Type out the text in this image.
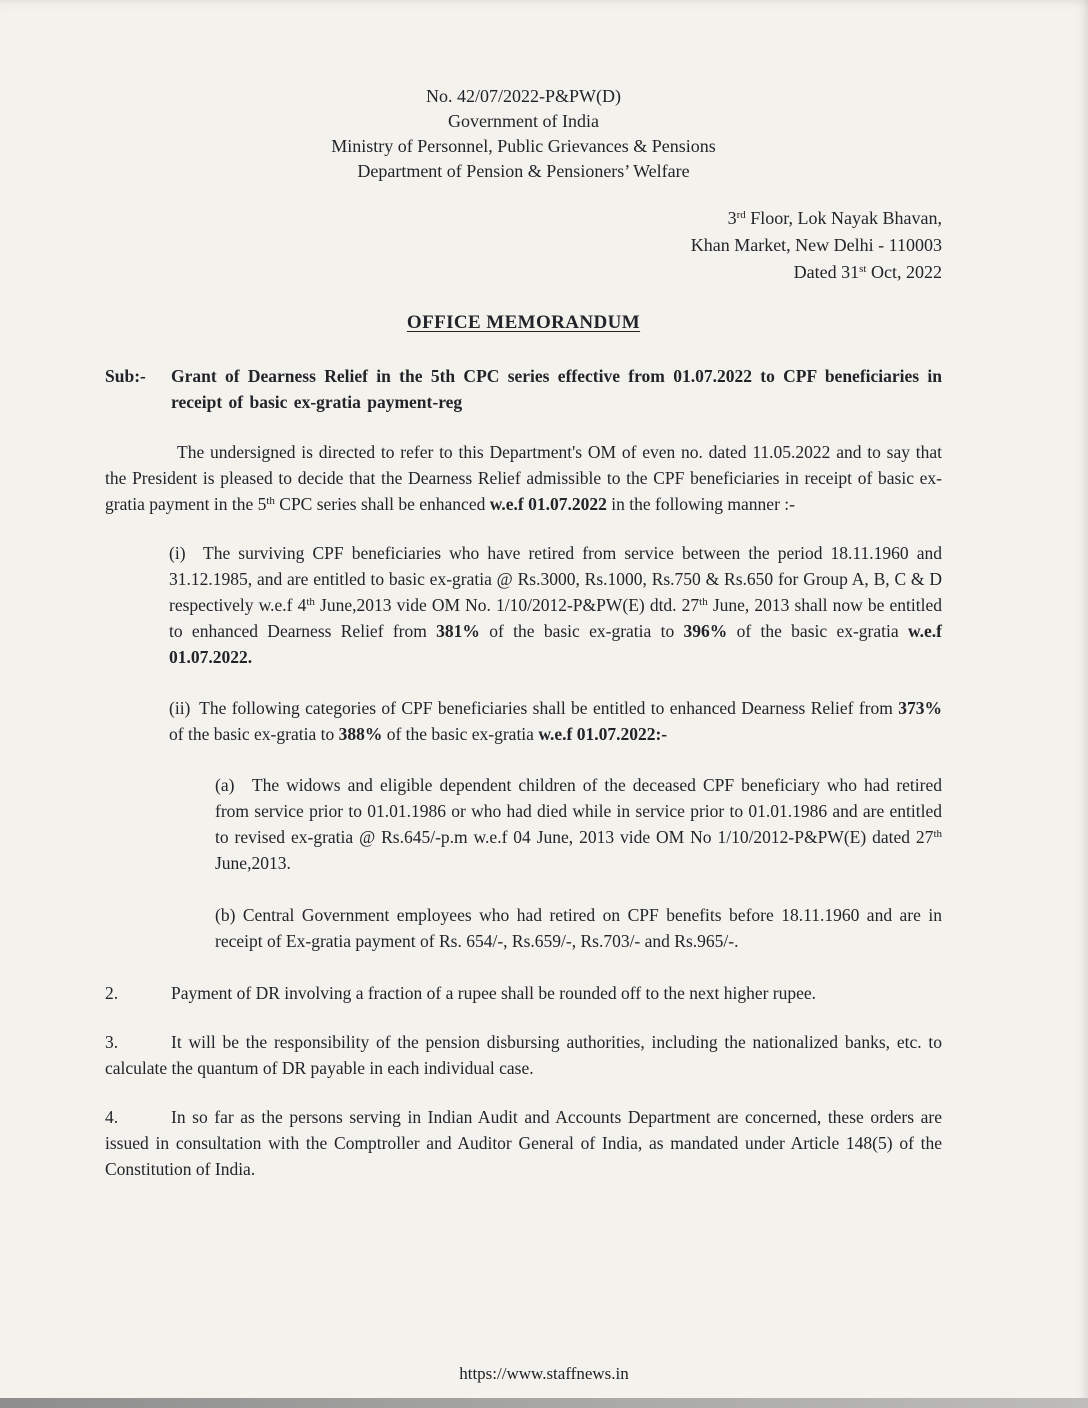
No. 42/07/2022-P&PW(D)
Government of India
Ministry of Personnel, Public Grievances & Pensions
Department of Pension & Pensioners’ Welfare
3rd Floor, Lok Nayak Bhavan,
Khan Market, New Delhi - 110003
Dated 31st Oct, 2022
OFFICE MEMORANDUM
Sub:-	Grant of Dearness Relief in the 5th CPC series effective from 01.07.2022 to CPF beneficiaries in receipt of basic ex-gratia payment-reg

The undersigned is directed to refer to this Department's OM of even no. dated 11.05.2022 and to say that the President is pleased to decide that the Dearness Relief admissible to the CPF beneficiaries in receipt of basic ex-gratia payment in the 5th CPC series shall be enhanced w.e.f 01.07.2022 in the following manner :-

(i) The surviving CPF beneficiaries who have retired from service between the period 18.11.1960 and 31.12.1985, and are entitled to basic ex-gratia @ Rs.3000, Rs.1000, Rs.750 & Rs.650 for Group A, B, C & D respectively w.e.f 4th June,2013 vide OM No. 1/10/2012-P&PW(E) dtd. 27th June, 2013 shall now be entitled to enhanced Dearness Relief from 381% of the basic ex-gratia to 396% of the basic ex-gratia w.e.f 01.07.2022.

(ii) The following categories of CPF beneficiaries shall be entitled to enhanced Dearness Relief from 373% of the basic ex-gratia to 388% of the basic ex-gratia w.e.f 01.07.2022:-

(a) The widows and eligible dependent children of the deceased CPF beneficiary who had retired from service prior to 01.01.1986 or who had died while in service prior to 01.01.1986 and are entitled to revised ex-gratia @ Rs.645/-p.m w.e.f 04 June, 2013 vide OM No 1/10/2012-P&PW(E) dated 27th June,2013.

(b) Central Government employees who had retired on CPF benefits before 18.11.1960 and are in receipt of Ex-gratia payment of Rs. 654/-, Rs.659/-, Rs.703/- and Rs.965/-.

2.	Payment of DR involving a fraction of a rupee shall be rounded off to the next higher rupee.

3.	It will be the responsibility of the pension disbursing authorities, including the nationalized banks, etc. to calculate the quantum of DR payable in each individual case.

4.	In so far as the persons serving in Indian Audit and Accounts Department are concerned, these orders are issued in consultation with the Comptroller and Auditor General of India, as mandated under Article 148(5) of the Constitution of India.

https://www.staffnews.in
